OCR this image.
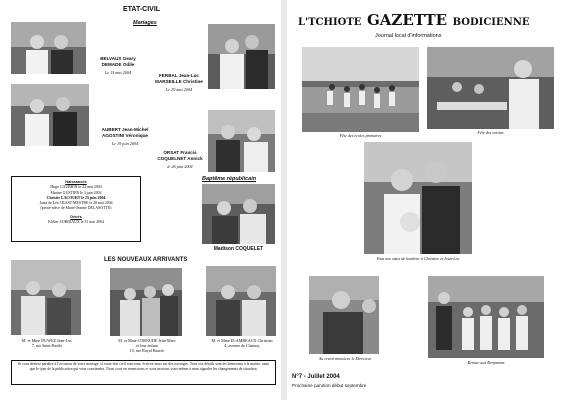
ETAT-CIVIL
Mariages
BELVAUX Geary
DEMADE Odile
Le 15 mai 2004
FERBAL Jean-Luc
MARSEILLE Christine
Le 29 mai 2004
AUBERT Jean-Michel
AGOSTINI Véronique
Le 19 juin 2004
ORSAT Francis
COQUELNET Annick
le 26 juin 2004
Naissances
Hugo CAUBRIN le 24 mai 2004
Marine GUSTIER le 3 juin 2004
Christie LACOURT le 25 juin 2004
Juste de Léa CRAST-MESTRE le 28 mai 2004
(petite-nièce de Marie-Jeanne DELASOTTE)
Décès
Kléber SORDIAUX le 31 mai 2004
Baptême républicain
Madison COQUELET
LES NOUVEAUX ARRIVANTS
M. et Mme DUWEZ Jean-Luc
7, rue Saint-Basile
M. et Mme CORNUDE Jean-Marc
et leur enfant
10, rue Royal Baucle
M. et Mme ELAMBEAUX Christian
4, avenue de Chamoy
Si vous désirez paraître à l'occasion de votre mariage, si votre état civil concerne, écrivez-nous sur des ouvrages. Tous vos détails sont les bienvenus à la mairie, ainsi que le type de la publication qui vous conviendra. Nous vous en remercions et vous invitons vous-même à nous signaler les changements de situation.
L'TCHIOTE GAZETTE BODICIENNE
Journal local d'informations
Fête des écoles primaires
Fête des voisins
Tous nos vœux de bonheur à Christine et Jean-Luc
Au revoir monsieur le Directeur
Remise aux Benjamins
N°7 - Juillet 2004
Prochaine parution début septembre
